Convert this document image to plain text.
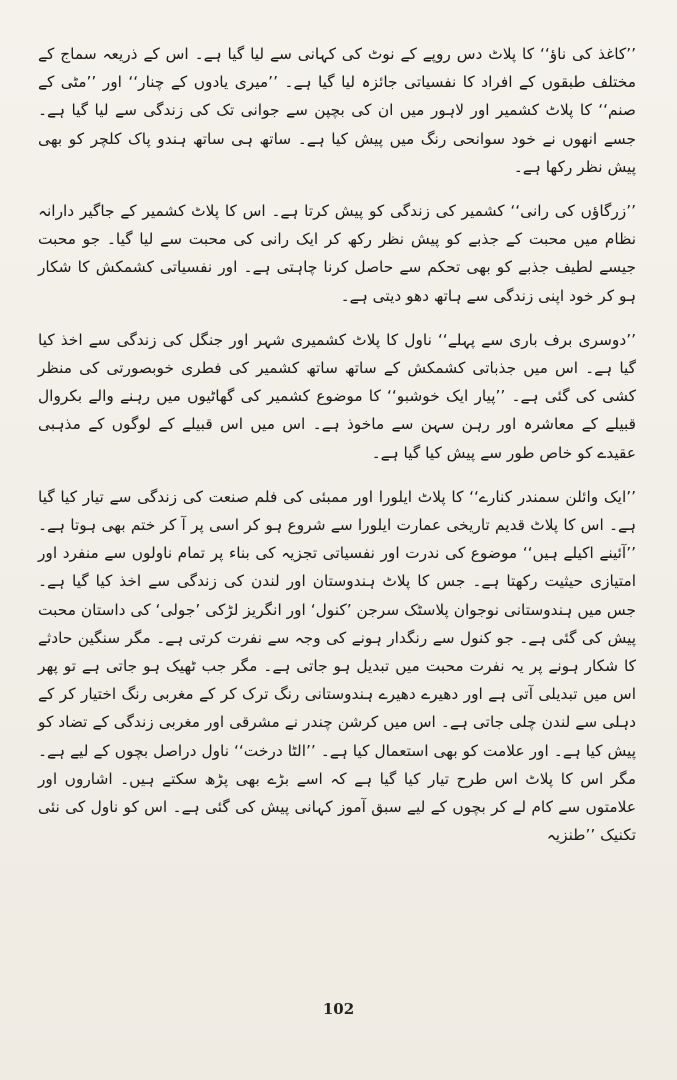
’’کاغذ کی ناؤ‘‘ کا پلاٹ دس روپے کے نوٹ کی کہانی سے لیا گیا ہے۔ اس کے ذریعہ سماج کے مختلف طبقوں کے افراد کا نفسیاتی جائزہ لیا گیا ہے۔ ’’میری یادوں کے چنار‘‘ اور ’’مٹی کے صنم‘‘ کا پلاٹ کشمیر اور لاہور میں ان کی بچپن سے جوانی تک کی زندگی سے لیا گیا ہے۔ جسے انھوں نے خود سوانحی رنگ میں پیش کیا ہے۔ ساتھ ہی ساتھ ہندو پاک کلچر کو بھی پیش نظر رکھا ہے۔

’’زرگاؤں کی رانی‘‘ کشمیر کی زندگی کو پیش کرتا ہے۔ اس کا پلاٹ کشمیر کے جاگیر دارانہ نظام میں محبت کے جذبے کو پیش نظر رکھ کر ایک رانی کی محبت سے لیا گیا۔ جو محبت جیسے لطیف جذبے کو بھی تحکم سے حاصل کرنا چاہتی ہے۔ اور نفسیاتی کشمکش کا شکار ہو کر خود اپنی زندگی سے ہاتھ دھو دیتی ہے۔

’’دوسری برف باری سے پہلے‘‘ ناول کا پلاٹ کشمیری شہر اور جنگل کی زندگی سے اخذ کیا گیا ہے۔ اس میں جذباتی کشمکش کے ساتھ ساتھ کشمیر کی فطری خوبصورتی کی منظر کشی کی گئی ہے۔ ’’پیار ایک خوشبو‘‘ کا موضوع کشمیر کی گھاٹیوں میں رہنے والے بکروال قبیلے کے معاشرہ اور رہن سہن سے ماخوذ ہے۔ اس میں اس قبیلے کے لوگوں کے مذہبی عقیدے کو خاص طور سے پیش کیا گیا ہے۔

’’ایک وائلن سمندر کنارے‘‘ کا پلاٹ ایلورا اور ممبئی کی فلم صنعت کی زندگی سے تیار کیا گیا ہے۔ اس کا پلاٹ قدیم تاریخی عمارت ایلورا سے شروع ہو کر اسی پر آ کر ختم بھی ہوتا ہے۔ ’’آئینے اکیلے ہیں‘‘ موضوع کی ندرت اور نفسیاتی تجزیہ کی بناء پر تمام ناولوں سے منفرد اور امتیازی حیثیت رکھتا ہے۔ جس کا پلاٹ ہندوستان اور لندن کی زندگی سے اخذ کیا گیا ہے۔ جس میں ہندوستانی نوجوان پلاسٹک سرجن ’کنول‘ اور انگریز لڑکی ’جولی‘ کی داستان محبت پیش کی گئی ہے۔ جو کنول سے رنگدار ہونے کی وجہ سے نفرت کرتی ہے۔ مگر سنگین حادثے کا شکار ہونے پر یہ نفرت محبت میں تبدیل ہو جاتی ہے۔ مگر جب ٹھیک ہو جاتی ہے تو پھر اس میں تبدیلی آتی ہے اور دھیرے دھیرے ہندوستانی رنگ ترک کر کے مغربی رنگ اختیار کر کے دہلی سے لندن چلی جاتی ہے۔ اس میں کرشن چندر نے مشرقی اور مغربی زندگی کے تضاد کو پیش کیا ہے۔ اور علامت کو بھی استعمال کیا ہے۔ ’’الٹا درخت‘‘ ناول دراصل بچوں کے لیے ہے۔ مگر اس کا پلاٹ اس طرح تیار کیا گیا ہے کہ اسے بڑے بھی پڑھ سکتے ہیں۔ اشاروں اور علامتوں سے کام لے کر بچوں کے لیے سبق آموز کہانی پیش کی گئی ہے۔ اس کو ناول کی نئی تکنیک ’’طنزیہ

102
